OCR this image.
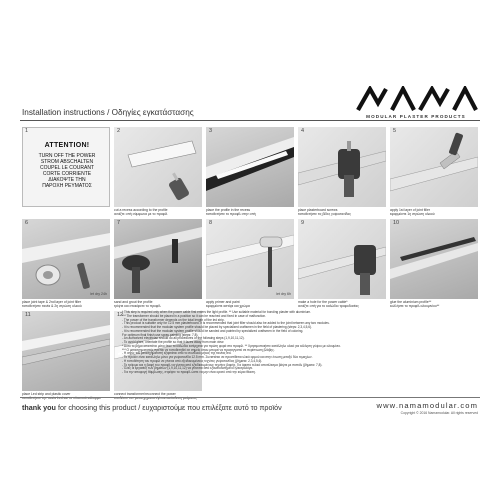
MODULAR PLASTER PRODUCTS
Installation instructions / Οδηγίες εγκατάστασης
ATTENTION!
TURN OFF THE POWER
STROM ABSCHALTEN
COUPEL LE COURANT
CORTE CORRIENTE
ΔΙΑΚΟΨΤΕ ΤΗΝ
ΠΑΡΟΧΗ ΡΕΥΜΑΤΟΣ
1	2
cut a recess according to the profile
ανοίξτε οπή σύμφωνα με το προφίλ
3
place the profile in the recess
τοποθετήστε το προφίλ στην οπή
4
place plasterboard screws
τοποθετήστε τις βίδες γυψοσανίδας
5
apply 1st layer of joint filler
εφαρμόστε 1η στρώση υλικού
6
let dry 24h
place joint tape & 2nd layer of joint filler
τοποθετήστε ταινία & 2η στρώση υλικού
7
sand and grout the profile
τρίψτε και στοκάρετε το προφίλ
8
let dry 6h
apply primer and paint
εφαρμόστε αστάρι και χρώμα
9
make a hole for the power cable*
ανοίξτε οπή για το καλώδιο τροφοδοσίας
10
glue the aluminium profile**
κολλήστε το προφίλ αλουμινίου**
11
place Led strip and plastic cover
τοποθετήστε την ταινία Led και το πλαστικό κάλυμμα
12
connect transformer/reconnect the power
συνδέστε τον μετασχηματιστή/επανασύνδεση ρεύματος
* This step is required only when the power cable first enters the light profile. ** Use suitable material for bonding plaster with aluminium.
*** The transformer should be placed in a position so it can be reached and fixed in case of malfunction.
- The power of the transformer depends on the total length of the led strip.
- This product is suitable only for 12.5 mm plasterboard. It is recommended that joint filler should also be added to the joint between any two modules.
- It is recommended that the modular system profile should be placed by specialized craftsmen in the field of plastering (steps: 2,3,4,5,6).
- It is recommended that the modular system profile should be sanded and painted by specialized craftsmen in the field of coloring.
For optimum final finish use spray painting (steps: 7,8).
- An authorized electrician should do all procedures of the following steps (1,9,10,11,12).
- To avoid glare, orientate the profile so that it faces away from main view.
* Αυτό το βήμα απαιτείται μόνο όταν το καλώδιο εισέρχεται για πρώτη φορά στο προφίλ. ** Χρησιμοποιήστε κατάλληλο υλικό για κόλληση γύψου με αλουμίνιο.
*** Ο μετασχηματιστής πρέπει να τοποθετηθεί σε σημείο όπου μπορεί να προσεγγιστεί σε περίπτωση βλάβης.
- Η ισχύς του μετασχηματιστή εξαρτάται από το συνολικό μήκος της ταινίας led.
- Το προϊόν είναι κατάλληλο μόνο για γυψοσανίδα 12.5 mm. Συνιστάται να προστίθεται υλικό αρμού και στην ένωση μεταξύ δύο τεμαχίων.
- Η τοποθέτηση του προφίλ να γίνεται από εξειδικευμένους τεχνίτες γυψοσανίδας (βήματα: 2,3,4,5,6).
- Το τρίψιμο και η βαφή του προφίλ να γίνεται από εξειδικευμένους τεχνίτες βαφής. Για άριστο τελικό αποτέλεσμα βάψτε με πιστόλι (βήματα: 7,8).
- Όλες οι εργασίες των βημάτων (1,9,10,11,12) να γίνονται από εξουσιοδοτημένο ηλεκτρολόγο.
- Για την αποφυγή θάμβωσης, στρέψτε το προφίλ ώστε να μην είναι ορατό από την κύρια θέαση.
thank you for choosing this product / ευχαριστούμε που επιλέξατε αυτό το προϊόν	www.namamodular.com
Copyright © 2016 Namamodular. All rights reserved
